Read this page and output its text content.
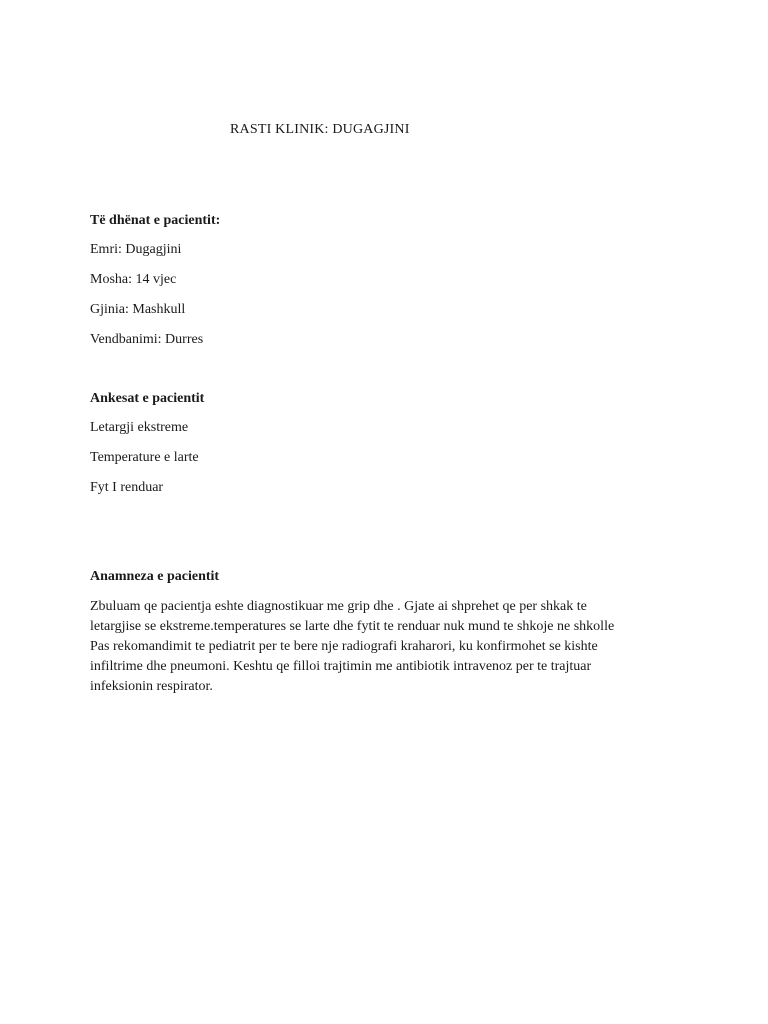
RASTI KLINIK: DUGAGJINI

Të dhënat e pacientit:

Emri: Dugagjini

Mosha: 14 vjec

Gjinia: Mashkull

Vendbanimi: Durres

Ankesat e pacientit

Letargji ekstreme

Temperature e larte

Fyt I renduar

Anamneza e pacientit

Zbuluam qe pacientja eshte diagnostikuar me grip dhe . Gjate ai shprehet qe per shkak te
letargjise se ekstreme.temperatures se larte dhe fytit te renduar nuk mund te shkoje ne shkolle
Pas rekomandimit te pediatrit per te bere nje radiografi kraharori, ku konfirmohet se kishte
infiltrime dhe pneumoni. Keshtu qe filloi trajtimin me antibiotik intravenoz per te trajtuar
infeksionin respirator.
